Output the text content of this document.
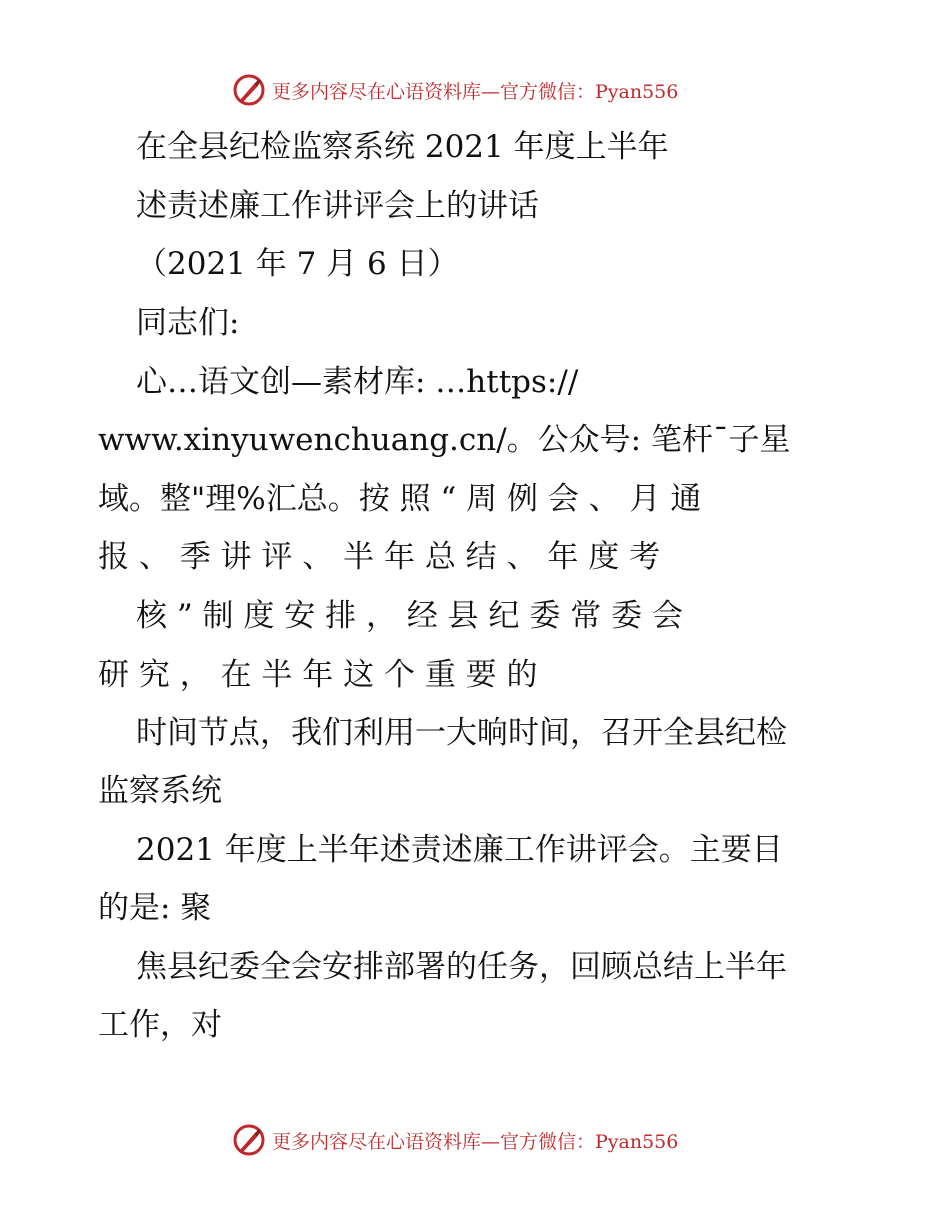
更多内容尽在心语资料库—官方微信：Pyan556
在全县纪检监察系统 2021 年度上半年
述责述廉工作讲评会上的讲话
（2021 年 7 月 6 日）
同志们:
心…语文创—素材库: …https://
www.xinyuwenchuang.cn/。公众号: 笔杆¯子星
域。整"理%汇总。按 照 “ 周 例 会 、 月 通
报 、 季 讲 评 、 半 年 总 结 、 年 度 考
核 ” 制 度 安 排 ， 经 县 纪 委 常 委 会
研 究 ， 在 半 年 这 个 重 要 的
时间节点，我们利用一大晌时间，召开全县纪检
监察系统
2021 年度上半年述责述廉工作讲评会。主要目
的是: 聚
焦县纪委全会安排部署的任务，回顾总结上半年
工作，对
更多内容尽在心语资料库—官方微信：Pyan556
